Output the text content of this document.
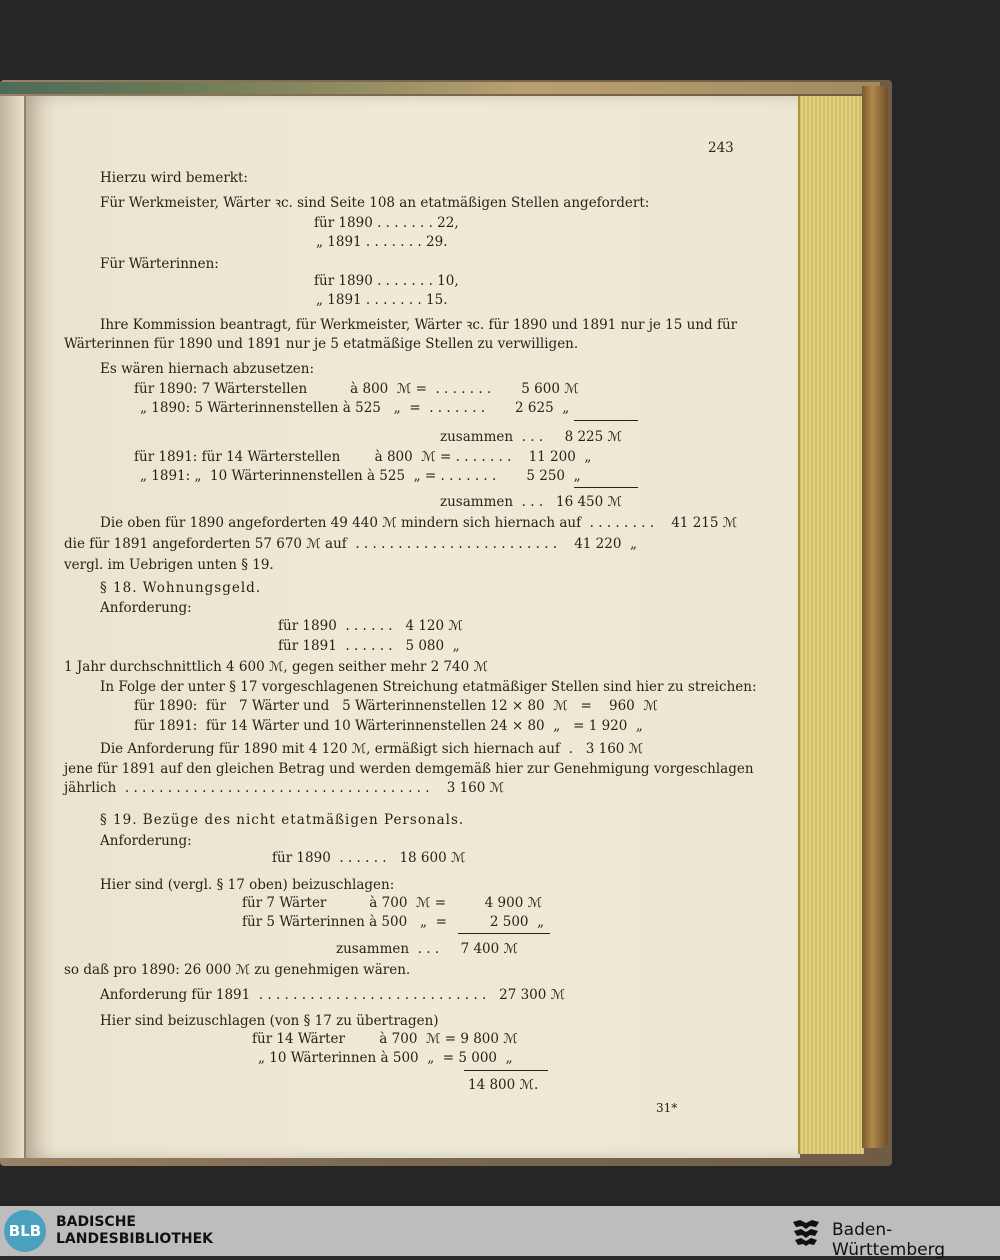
243
Hierzu wird bemerkt:
Für Werkmeister, Wärter ꝛc. sind Seite 108 an etatmäßigen Stellen angefordert:
für 1890 . . . . . . . 22,
„ 1891 . . . . . . . 29.
Für Wärterinnen:
für 1890 . . . . . . . 10,
„ 1891 . . . . . . . 15.
Ihre Kommission beantragt, für Werkmeister, Wärter ꝛc. für 1890 und 1891 nur je 15 und für
Wärterinnen für 1890 und 1891 nur je 5 etatmäßige Stellen zu verwilligen.
Es wären hiernach abzusetzen:
für 1890: 7 Wärterstellen          à 800  ℳ =  . . . . . . .       5 600 ℳ
„ 1890: 5 Wärterinnenstellen à 525   „  =  . . . . . . .       2 625  „
zusammen  . . .     8 225 ℳ
für 1891: für 14 Wärterstellen        à 800  ℳ = . . . . . . .    11 200  „
„ 1891: „  10 Wärterinnenstellen à 525  „ = . . . . . . .       5 250  „
zusammen  . . .   16 450 ℳ
Die oben für 1890 angeforderten 49 440 ℳ mindern sich hiernach auf  . . . . . . . .    41 215 ℳ
die für 1891 angeforderten 57 670 ℳ auf  . . . . . . . . . . . . . . . . . . . . . . . .    41 220  „
vergl. im Uebrigen unten § 19.
§ 18. Wohnungsgeld.
Anforderung:
für 1890  . . . . . .   4 120 ℳ
für 1891  . . . . . .   5 080  „
1 Jahr durchschnittlich 4 600 ℳ, gegen seither mehr 2 740 ℳ
In Folge der unter § 17 vorgeschlagenen Streichung etatmäßiger Stellen sind hier zu streichen:
für 1890:  für   7 Wärter und   5 Wärterinnenstellen 12 × 80  ℳ   =    960  ℳ
für 1891:  für 14 Wärter und 10 Wärterinnenstellen 24 × 80  „   = 1 920  „
Die Anforderung für 1890 mit 4 120 ℳ, ermäßigt sich hiernach auf  .   3 160 ℳ
jene für 1891 auf den gleichen Betrag und werden demgemäß hier zur Genehmigung vorgeschlagen
jährlich  . . . . . . . . . . . . . . . . . . . . . . . . . . . . . . . . . . . .    3 160 ℳ
§ 19. Bezüge des nicht etatmäßigen Personals.
Anforderung:
für 1890  . . . . . .   18 600 ℳ
Hier sind (vergl. § 17 oben) beizuschlagen:
für 7 Wärter          à 700  ℳ =         4 900 ℳ
für 5 Wärterinnen à 500   „  =          2 500  „
zusammen  . . .     7 400 ℳ
so daß pro 1890: 26 000 ℳ zu genehmigen wären.
Anforderung für 1891  . . . . . . . . . . . . . . . . . . . . . . . . . . .   27 300 ℳ
Hier sind beizuschlagen (von § 17 zu übertragen)
für 14 Wärter        à 700  ℳ = 9 800 ℳ
„ 10 Wärterinnen à 500  „  = 5 000  „
14 800 ℳ.
31*
BLB	BADISCHE
LANDESBIBLIOTHEK	Baden-Württemberg
